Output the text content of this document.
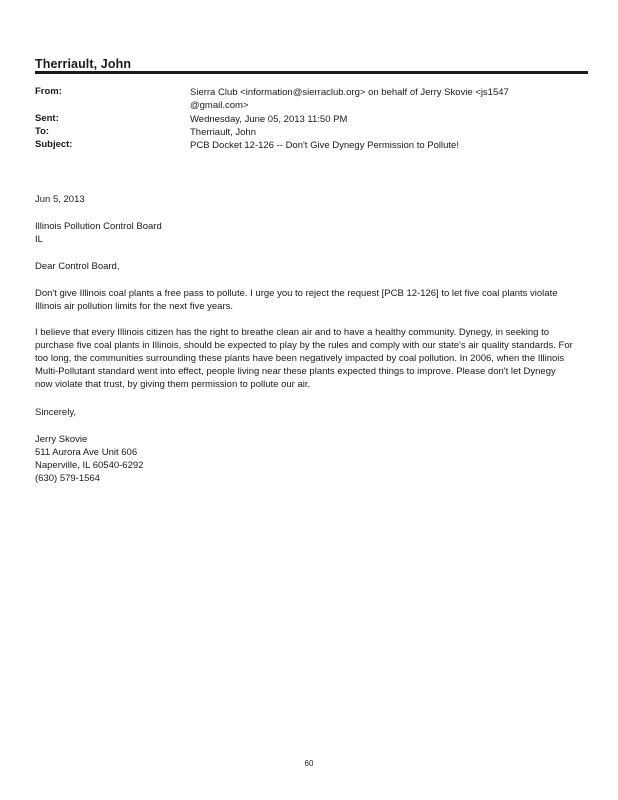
Therriault, John
From:	Sierra Club <information@sierraclub.org> on behalf of Jerry Skovie <js1547
@gmail.com>
Sent:	Wednesday, June 05, 2013 11:50 PM
To:	Therriault, John
Subject:	PCB Docket 12-126 -- Don't Give Dynegy Permission to Pollute!
Jun 5, 2013
Illinois Pollution Control Board
IL
Dear Control Board,
Don't give Illinois coal plants a free pass to pollute. I urge you to reject the request [PCB 12-126] to let five coal plants violate Illinois air pollution limits for the next five years.
I believe that every Illinois citizen has the right to breathe clean air and to have a healthy community. Dynegy, in seeking to purchase five coal plants in Illinois, should be expected to play by the rules and comply with our state's air quality standards. For too long, the communities surrounding these plants have been negatively impacted by coal pollution. In 2006, when the Illinois Multi-Pollutant standard went into effect, people living near these plants expected things to improve. Please don't let Dynegy now violate that trust, by giving them permission to pollute our air.
Sincerely,
Jerry Skovie
511 Aurora Ave Unit 606
Naperville, IL 60540-6292
(630) 579-1564
60
